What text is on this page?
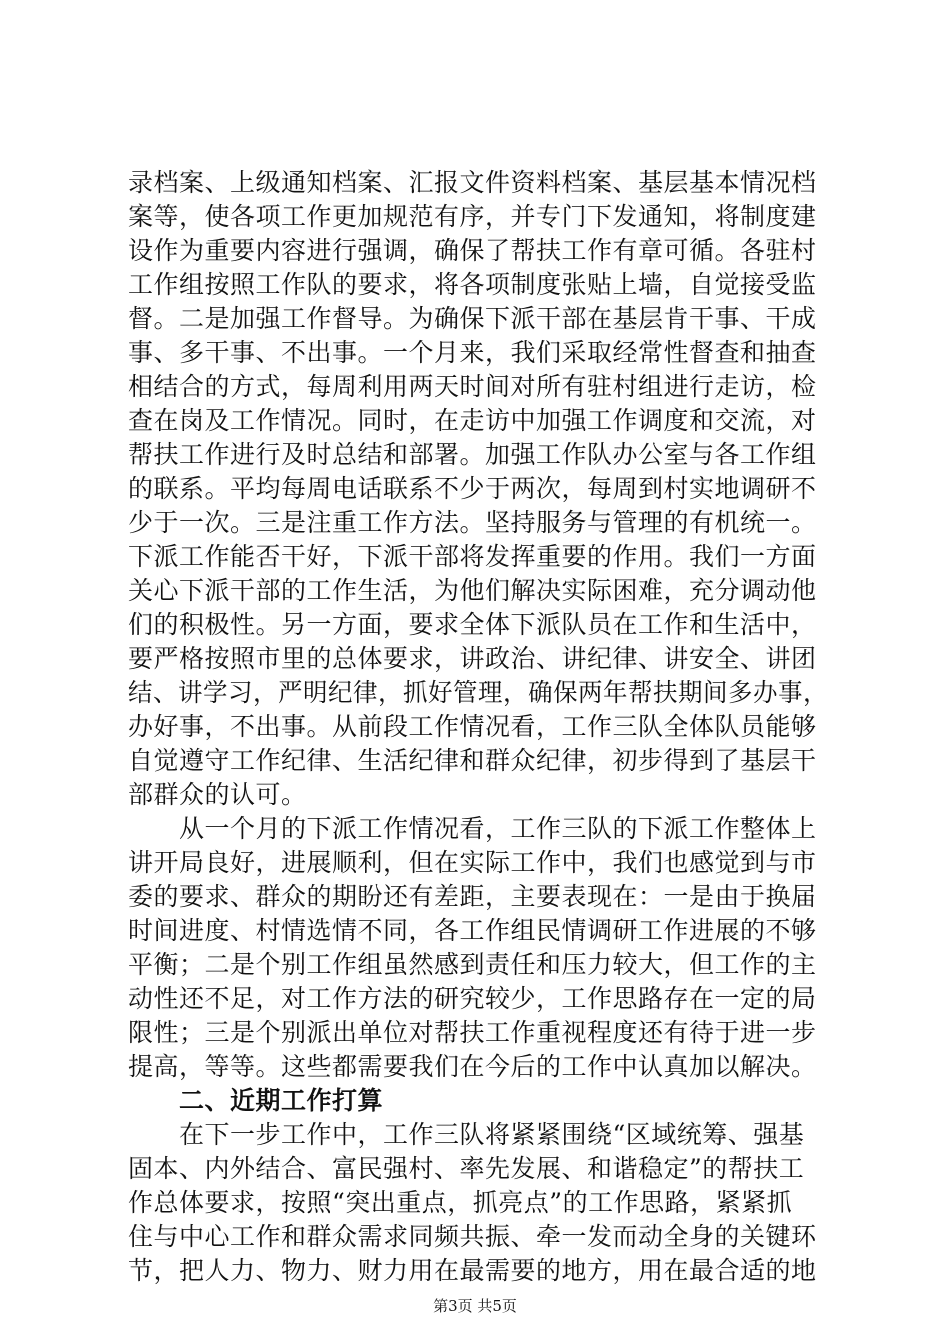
录档案、上级通知档案、汇报文件资料档案、基层基本情况档
案等，使各项工作更加规范有序，并专门下发通知，将制度建
设作为重要内容进行强调，确保了帮扶工作有章可循。各驻村
工作组按照工作队的要求，将各项制度张贴上墙，自觉接受监
督。二是加强工作督导。为确保下派干部在基层肯干事、干成
事、多干事、不出事。一个月来，我们采取经常性督查和抽查
相结合的方式，每周利用两天时间对所有驻村组进行走访，检
查在岗及工作情况。同时，在走访中加强工作调度和交流，对
帮扶工作进行及时总结和部署。加强工作队办公室与各工作组
的联系。平均每周电话联系不少于两次，每周到村实地调研不
少于一次。三是注重工作方法。坚持服务与管理的有机统一。
下派工作能否干好，下派干部将发挥重要的作用。我们一方面
关心下派干部的工作生活，为他们解决实际困难，充分调动他
们的积极性。另一方面，要求全体下派队员在工作和生活中，
要严格按照市里的总体要求，讲政治、讲纪律、讲安全、讲团
结、讲学习，严明纪律，抓好管理，确保两年帮扶期间多办事，
办好事，不出事。从前段工作情况看，工作三队全体队员能够
自觉遵守工作纪律、生活纪律和群众纪律，初步得到了基层干
部群众的认可。
　　从一个月的下派工作情况看，工作三队的下派工作整体上
讲开局良好，进展顺利，但在实际工作中，我们也感觉到与市
委的要求、群众的期盼还有差距，主要表现在：一是由于换届
时间进度、村情选情不同，各工作组民情调研工作进展的不够
平衡；二是个别工作组虽然感到责任和压力较大，但工作的主
动性还不足，对工作方法的研究较少，工作思路存在一定的局
限性；三是个别派出单位对帮扶工作重视程度还有待于进一步
提高，等等。这些都需要我们在今后的工作中认真加以解决。
　　二、近期工作打算
　　在下一步工作中，工作三队将紧紧围绕“区域统筹、强基
固本、内外结合、富民强村、率先发展、和谐稳定”的帮扶工
作总体要求，按照“突出重点，抓亮点”的工作思路，紧紧抓
住与中心工作和群众需求同频共振、牵一发而动全身的关键环
节，把人力、物力、财力用在最需要的地方，用在最合适的地
第3页 共5页
